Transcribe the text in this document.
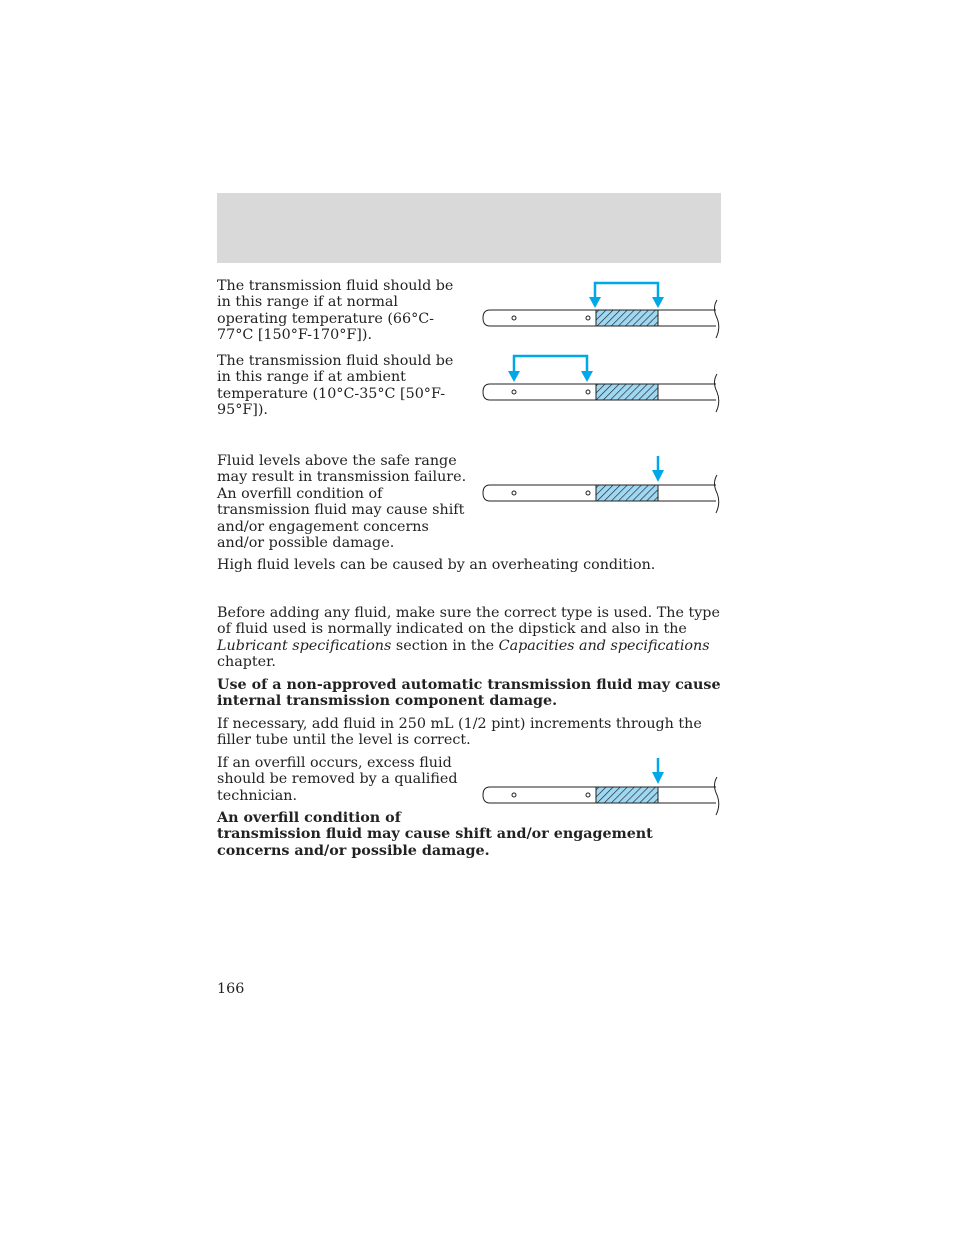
The transmission fluid should be in this range if at normal operating temperature (66°C-77°C [150°F-170°F]).

The transmission fluid should be in this range if at ambient temperature (10°C-35°C [50°F-95°F]).

Fluid levels above the safe range may result in transmission failure. An overfill condition of transmission fluid may cause shift and/or engagement concerns and/or possible damage.

High fluid levels can be caused by an overheating condition.

Before adding any fluid, make sure the correct type is used. The type of fluid used is normally indicated on the dipstick and also in the Lubricant specifications section in the Capacities and specifications chapter.

Use of a non-approved automatic transmission fluid may cause internal transmission component damage.

If necessary, add fluid in 250 mL (1/2 pint) increments through the filler tube until the level is correct.

If an overfill occurs, excess fluid should be removed by a qualified technician.

An overfill condition of
transmission fluid may cause shift and/or engagement concerns and/or possible damage.

166
